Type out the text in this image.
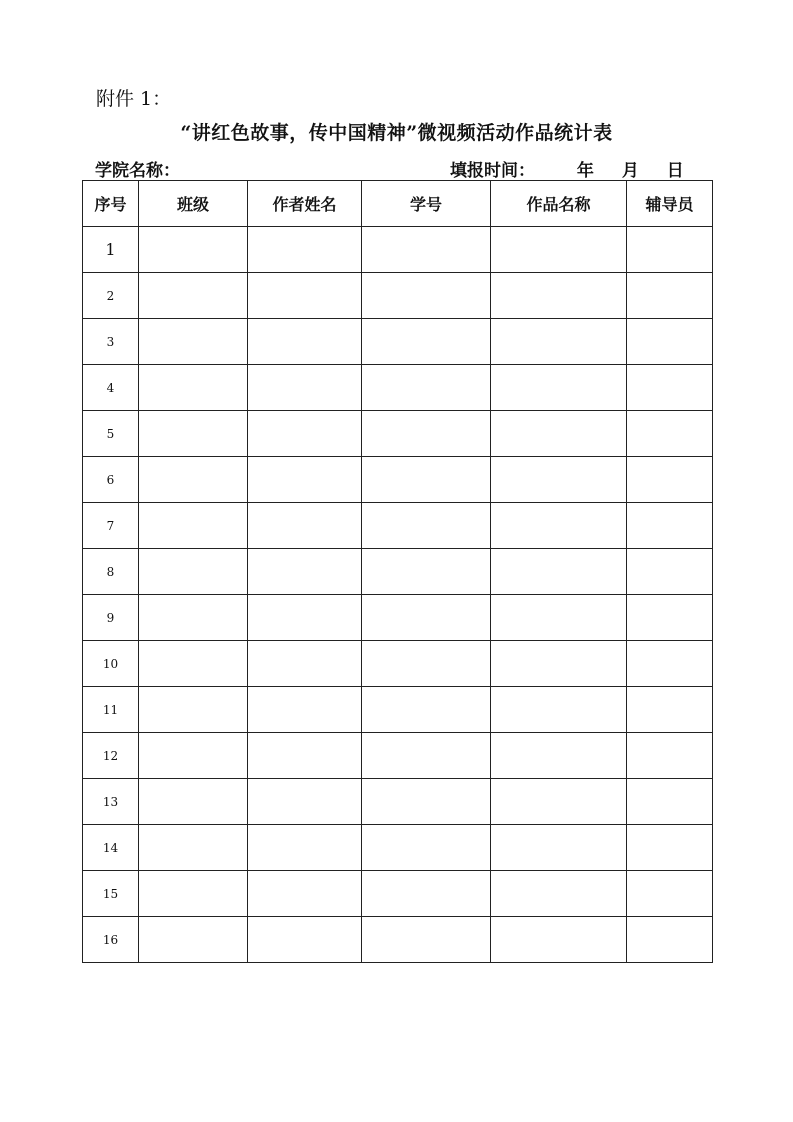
附件 1：
“讲红色故事，传中国精神”微视频活动作品统计表
学院名称：	填报时间： 年 月 日
序号	班级	作者姓名	学号	作品名称	辅导员
1					
2					
3					
4					
5					
6					
7					
8					
9					
10					
11					
12					
13					
14					
15					
16					
